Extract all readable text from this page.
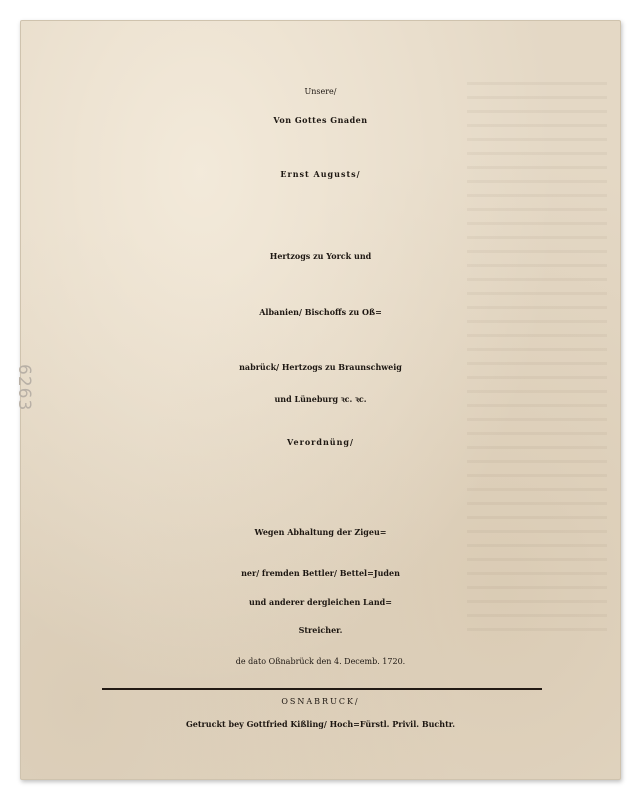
6263
Unsere/
Von Gottes Gnaden
Ernst Augusts/
Hertzogs zu Yorck und
Albanien/ Bischoffs zu Oß=
nabrück/ Hertzogs zu Braunschweig
und Lüneburg ꝛc. ꝛc.
Verordnüng/
Wegen Abhaltung der Zigeu=
ner/ fremden Bettler/ Bettel=Juden
und anderer dergleichen Land=
Streicher.
de dato Oßnabrück den 4. Decemb. 1720.
OSNABRUCK/
Getruckt bey Gottfried Kißling/ Hoch=Fürstl. Privil. Buchtr.
